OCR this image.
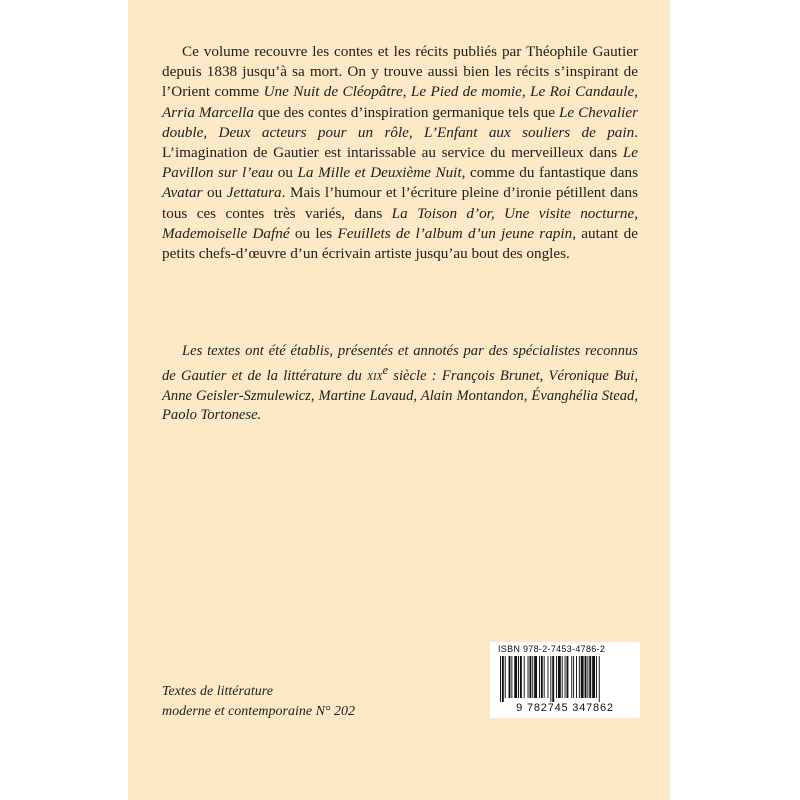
Ce volume recouvre les contes et les récits publiés par Théophile Gautier depuis 1838 jusqu’à sa mort. On y trouve aussi bien les récits s’inspirant de l’Orient comme Une Nuit de Cléopâtre, Le Pied de momie, Le Roi Candaule, Arria Marcella que des contes d’inspiration germanique tels que Le Chevalier double, Deux acteurs pour un rôle, L’Enfant aux souliers de pain. L’imagination de Gautier est intarissable au service du merveilleux dans Le Pavillon sur l’eau ou La Mille et Deuxième Nuit, comme du fantastique dans Avatar ou Jettatura. Mais l’humour et l’écriture pleine d’ironie pétillent dans tous ces contes très variés, dans La Toison d’or, Une visite nocturne, Mademoiselle Dafné ou les Feuillets de l’album d’un jeune rapin, autant de petits chefs-d’œuvre d’un écrivain artiste jusqu’au bout des ongles.

Les textes ont été établis, présentés et annotés par des spécialistes reconnus de Gautier et de la littérature du XIXe siècle : François Brunet, Véronique Bui, Anne Geisler-Szmulewicz, Martine Lavaud, Alain Montandon, Évanghélia Stead, Paolo Tortonese.

Textes de littérature
moderne et contemporaine N° 202
ISBN 978-2-7453-4786-2
9 782745 347862
